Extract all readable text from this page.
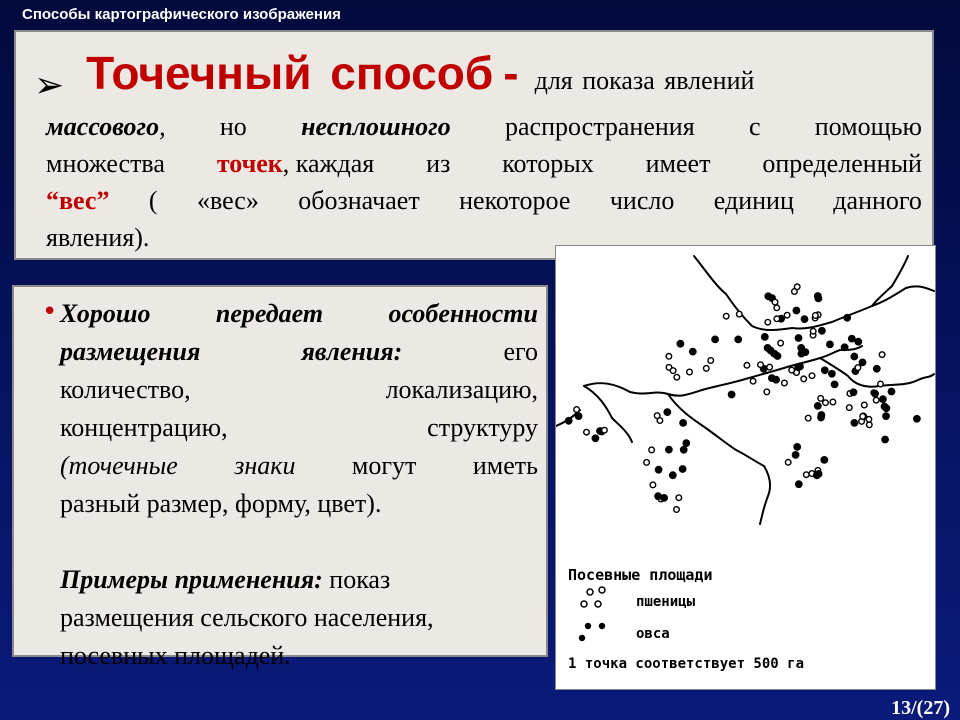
Способы картографического изображения
➢ Точечный способ - для показа явлений
массового, но несплошного распространения с помощью
множества точек, каждая из которых имеет определенный
“вес” ( «вес» обозначает некоторое число единиц данного
явления).
• Хорошо	передает	особенности
размещения	явления:	его
количество,	локализацию,
концентрацию,	структуру
(точечные знаки могут иметь
разный размер, форму, цвет).
Примеры применения: показ
размещения сельского населения,
посевных площадей.
Посевные площади
пшеницы
овса
1 точка соответствует 500 га
13/(27)
